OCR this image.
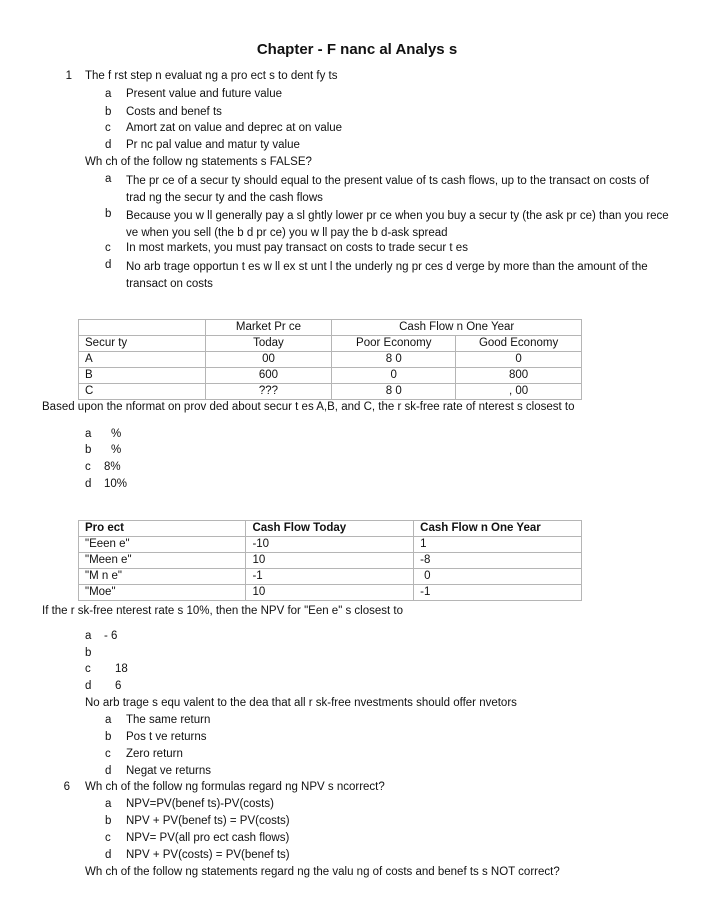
Chapter - F nanc al Analys s
1 The f rst step n evaluat ng a pro ect s to dent fy ts
a Present value and future value
b Costs and benef ts
c Amort zat on value and deprec at on value
d Pr nc pal value and matur ty value
Wh ch of the follow ng statements s FALSE?
a The pr ce of a secur ty should equal to the present value of ts cash flows, up to the transact on costs of trad ng the secur ty and the cash flows
b Because you w ll generally pay a sl ghtly lower pr ce when you buy a secur ty (the ask pr ce) than you rece ve when you sell (the b d pr ce) you w ll pay the b d-ask spread
c In most markets, you must pay transact on costs to trade secur t es
d No arb trage opportun t es w ll ex st unt l the underly ng pr ces d verge by more than the amount of the transact on costs
	Market Pr ce	Cash Flow n One Year	
Secur ty	Today	Poor Economy	Good Economy
A	00	8 0	0
B	600	0	800
C	???	8 0	, 00
Based upon the nformat on prov ded about secur t es A,B, and C, the r sk-free rate of nterest s closest to
a %
b %
c 8%
d 10%
Pro ect	Cash Flow Today	Cash Flow n One Year
"Eeen e"	-10	1
"Meen e"	10	-8
"M n e"	-1	0
"Moe"	10	-1
If the r sk-free nterest rate s 10%, then the NPV for "Een e" s closest to
a - 6
b
c 18
d 6
No arb trage s equ valent to the dea that all r sk-free nvestments should offer nvetors
a The same return
b Pos t ve returns
c Zero return
d Negat ve returns
6 Wh ch of the follow ng formulas regard ng NPV s ncorrect?
a NPV=PV(benef ts)-PV(costs)
b NPV + PV(benef ts) = PV(costs)
c NPV= PV(all pro ect cash flows)
d NPV + PV(costs) = PV(benef ts)
Wh ch of the follow ng statements regard ng the valu ng of costs and benef ts s NOT correct?
